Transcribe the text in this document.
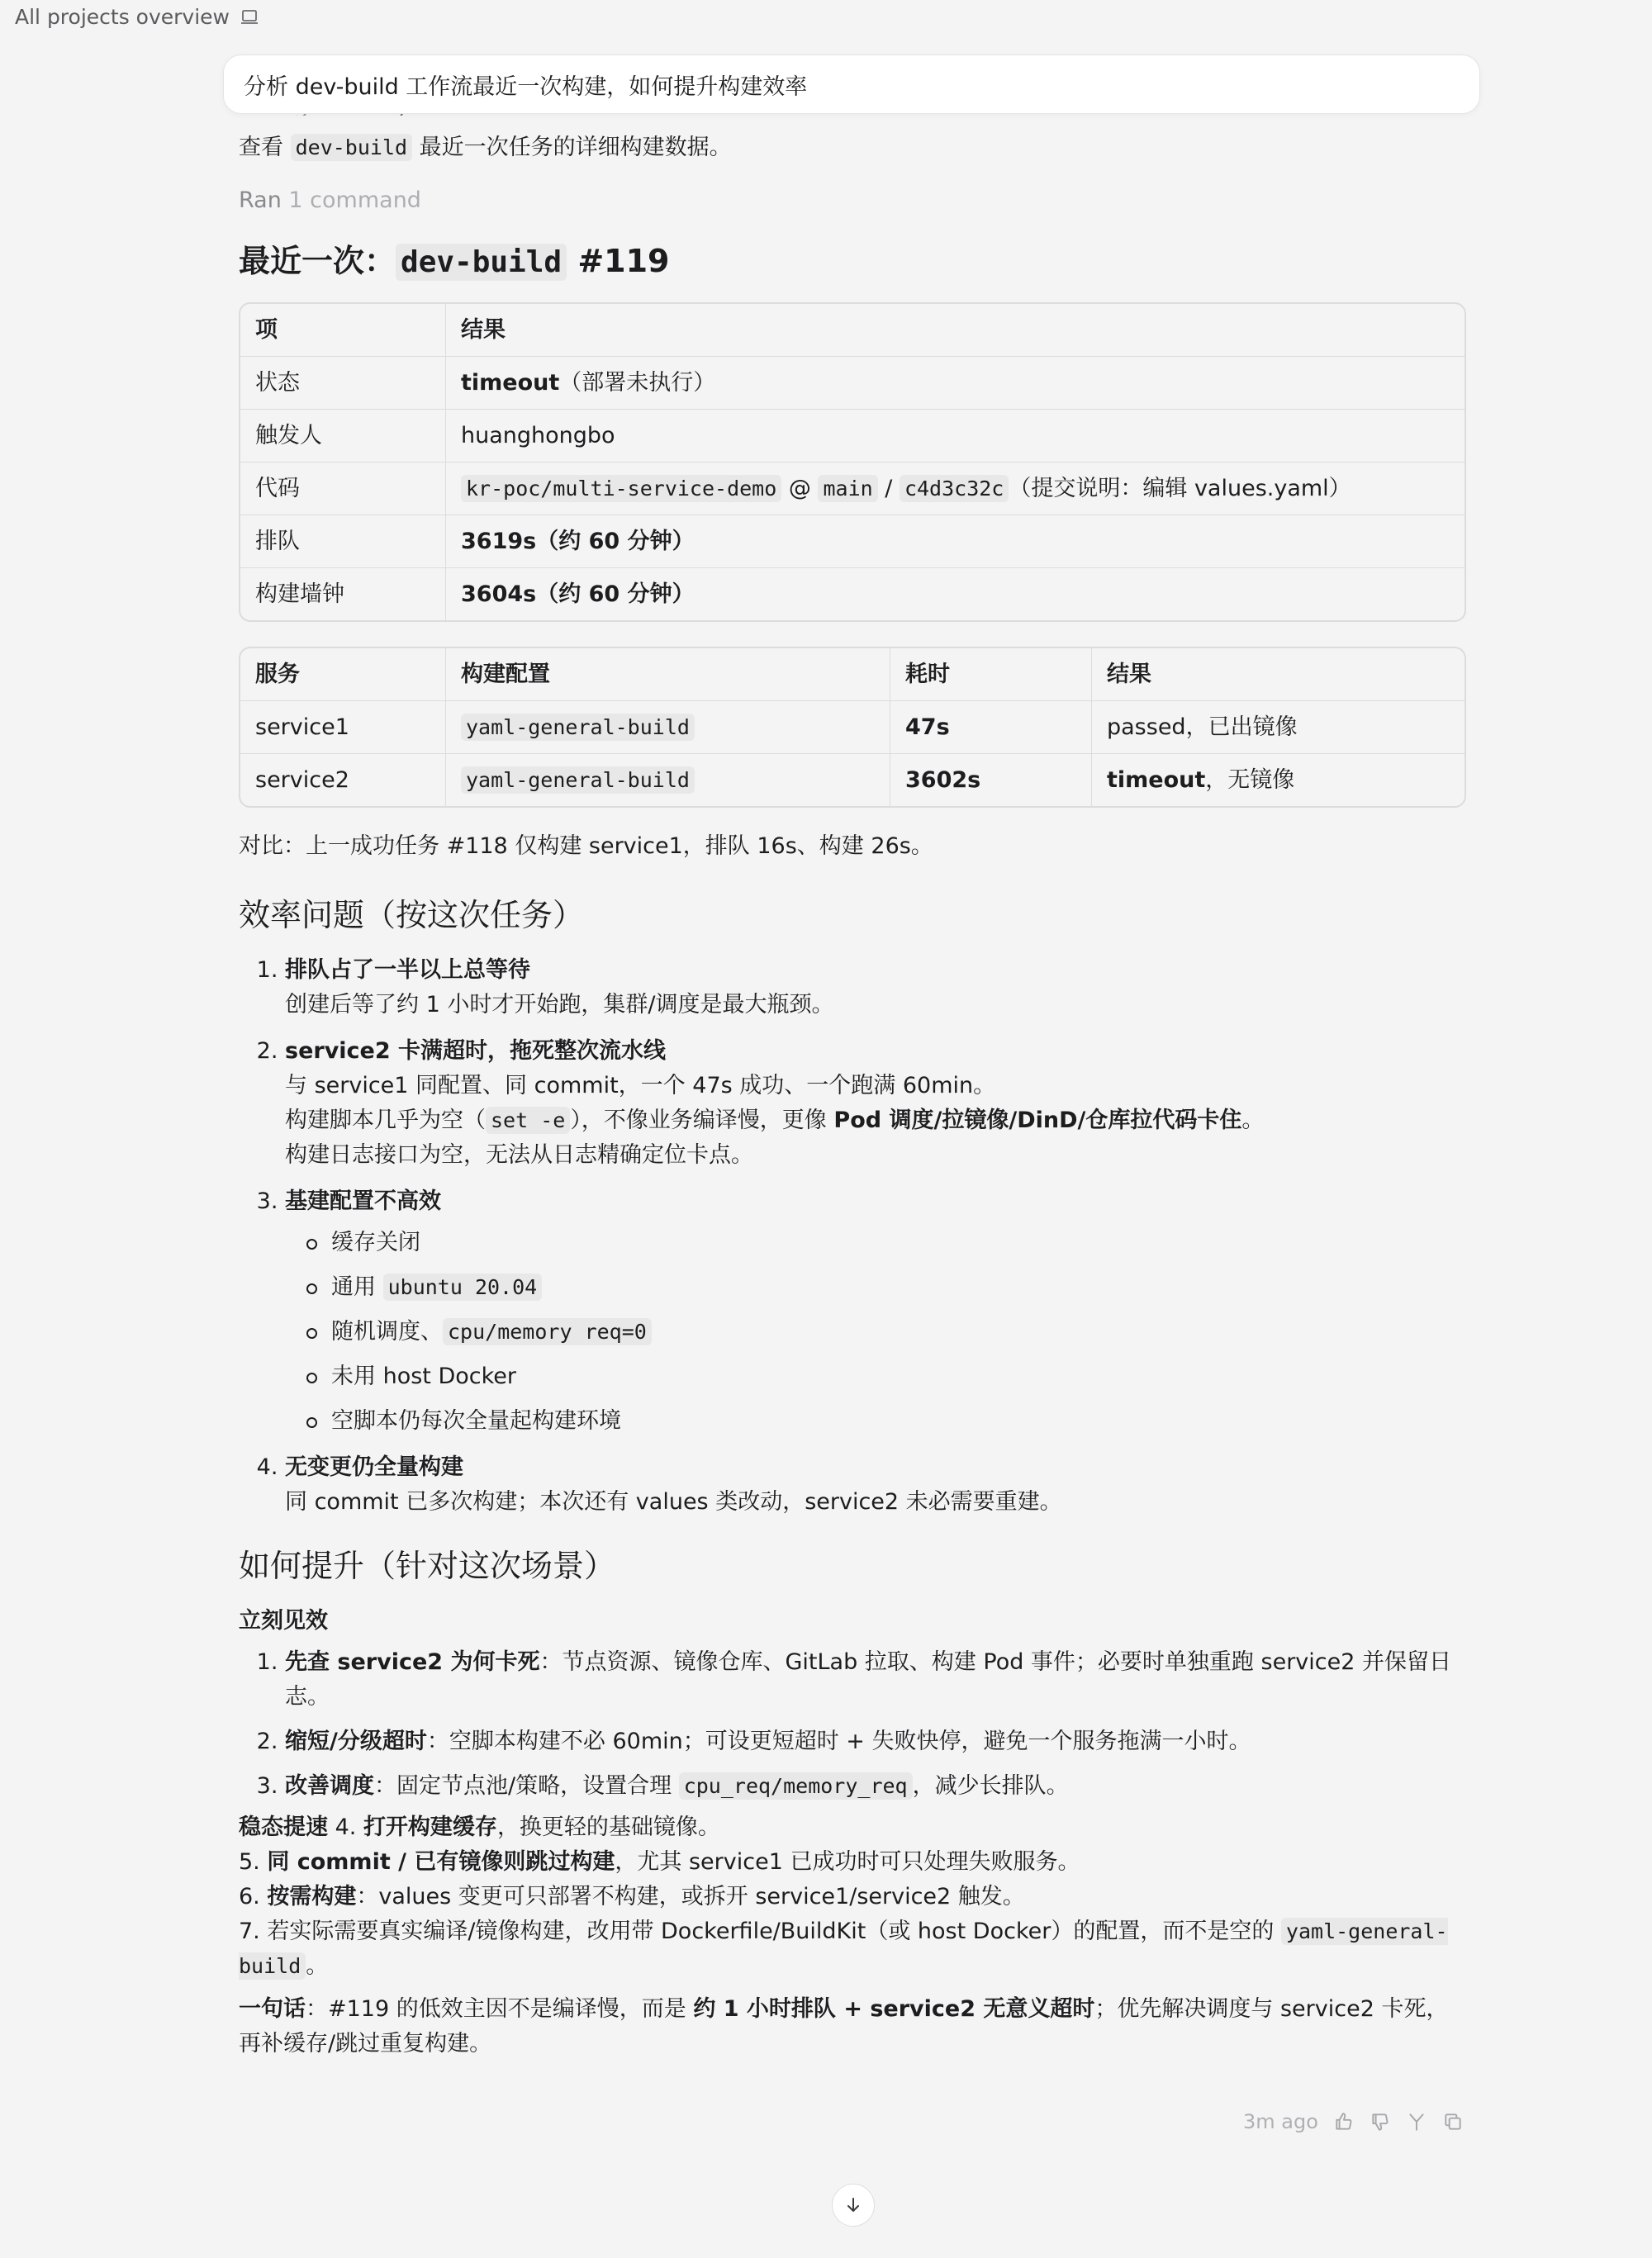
All projects overview
分析 dev-build 工作流最近一次构建，如何提升构建效率

查看 dev-build 最近一次任务的详细构建数据。

Ran 1 command

最近一次： dev-build #119
项	结果
状态	timeout（部署未执行）
触发人	huanghongbo
代码	kr-poc/multi-service-demo @ main / c4d3c32c （提交说明：编辑 values.yaml）
排队	3619s（约 60 分钟）
构建墙钟	3604s（约 60 分钟）
服务	构建配置	耗时	结果
service1	yaml-general-build	47s	passed，已出镜像
service2	yaml-general-build	3602s	timeout，无镜像

对比：上一成功任务 #118 仅构建 service1，排队 16s、构建 26s。

效率问题（按这次任务）
1. 排队占了一半以上总等待
创建后等了约 1 小时才开始跑，集群/调度是最大瓶颈。
2. service2 卡满超时，拖死整次流水线
与 service1 同配置、同 commit，一个 47s 成功、一个跑满 60min。
构建脚本几乎为空（ set -e ），不像业务编译慢，更像 Pod 调度/拉镜像/DinD/仓库拉代码卡住。
构建日志接口为空，无法从日志精确定位卡点。
3. 基建配置不高效
缓存关闭
通用 ubuntu 20.04
随机调度、 cpu/memory req=0
未用 host Docker
空脚本仍每次全量起构建环境
4. 无变更仍全量构建
同 commit 已多次构建；本次还有 values 类改动，service2 未必需要重建。
如何提升（针对这次场景）
立刻见效
1. 先查 service2 为何卡死：节点资源、镜像仓库、GitLab 拉取、构建 Pod 事件；必要时单独重跑 service2 并保留日志。
2. 缩短/分级超时：空脚本构建不必 60min；可设更短超时 + 失败快停，避免一个服务拖满一小时。
3. 改善调度：固定节点池/策略，设置合理 cpu_req/memory_req ，减少长排队。
稳态提速 4. 打开构建缓存，换更轻的基础镜像。
5. 同 commit / 已有镜像则跳过构建，尤其 service1 已成功时可只处理失败服务。
6. 按需构建：values 变更可只部署不构建，或拆开 service1/service2 触发。
7. 若实际需要真实编译/镜像构建，改用带 Dockerfile/BuildKit（或 host Docker）的配置，而不是空的 yaml-general-build 。

一句话：#119 的低效主因不是编译慢，而是 约 1 小时排队 + service2 无意义超时；优先解决调度与 service2 卡死，再补缓存/跳过重复构建。

3m ago
